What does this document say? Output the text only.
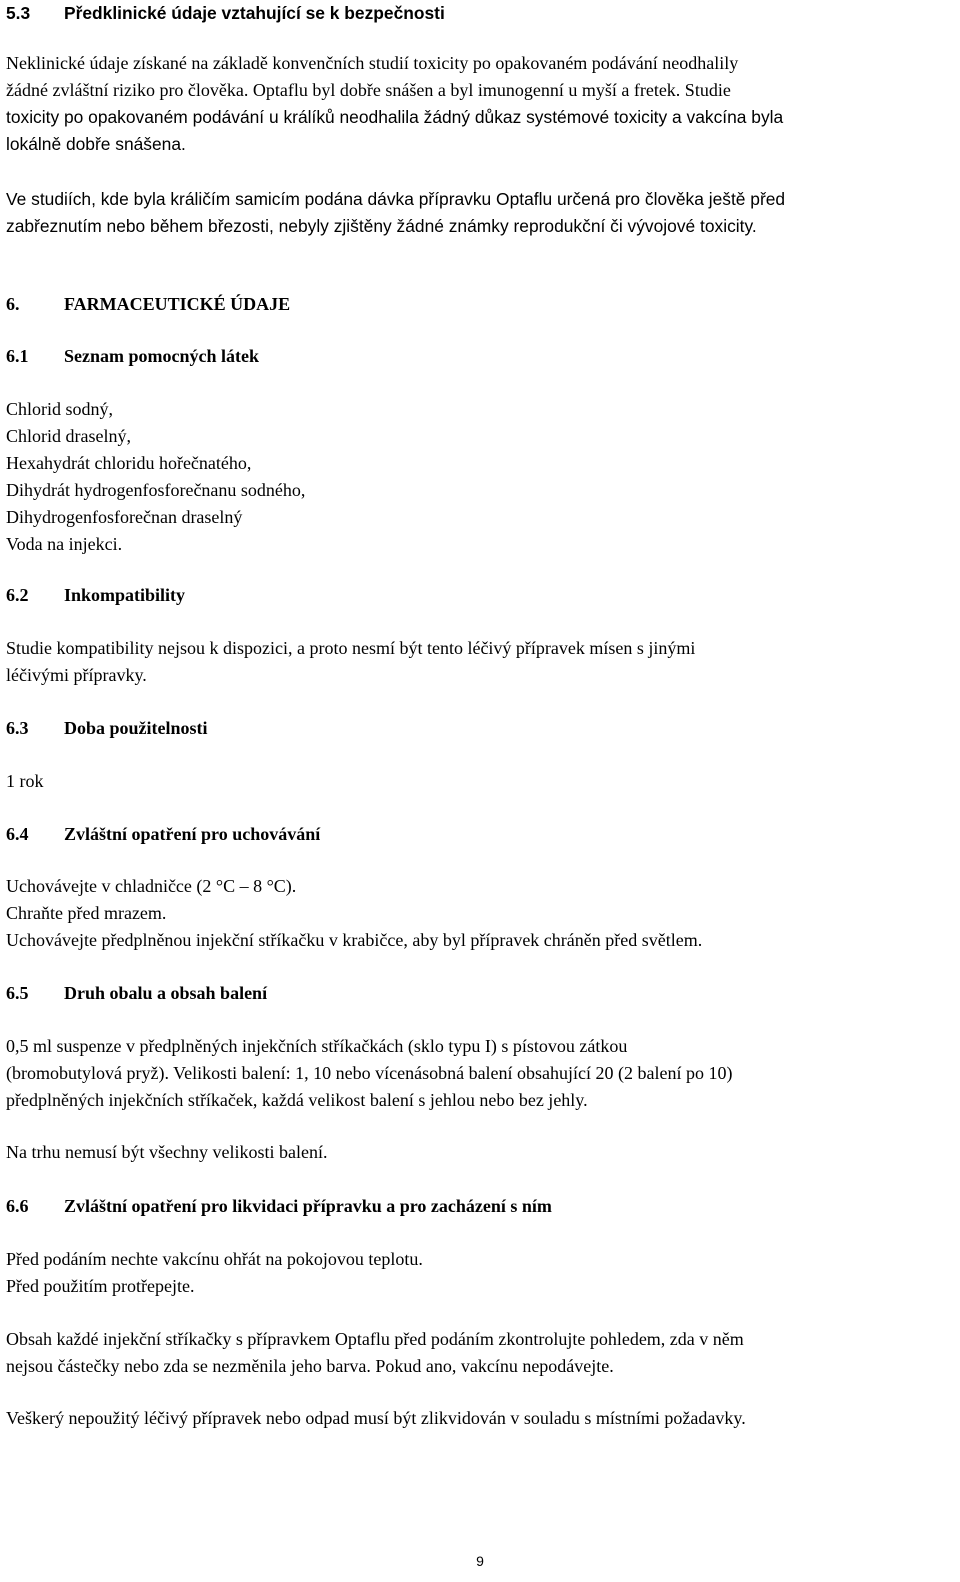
5.3	Předklinické údaje vztahující se k bezpečnosti
Neklinické údaje získané na základě konvenčních studií toxicity po opakovaném podávání neodhalily
žádné zvláštní riziko pro člověka. Optaflu byl dobře snášen a byl imunogenní u myší a fretek. Studie
toxicity po opakovaném podávání u králíků neodhalila žádný důkaz systémové toxicity a vakcína byla
lokálně dobře snášena.
Ve studiích, kde byla králičím samicím podána dávka přípravku Optaflu určená pro člověka ještě před
zabřeznutím nebo během březosti, nebyly zjištěny žádné známky reprodukční či vývojové toxicity.
6.	FARMACEUTICKÉ ÚDAJE
6.1	Seznam pomocných látek
Chlorid sodný,
Chlorid draselný,
Hexahydrát chloridu hořečnatého,
Dihydrát hydrogenfosforečnanu sodného,
Dihydrogenfosforečnan draselný
Voda na injekci.
6.2	Inkompatibility
Studie kompatibility nejsou k dispozici, a proto nesmí být tento léčivý přípravek mísen s jinými
léčivými přípravky.
6.3	Doba použitelnosti
1 rok
6.4	Zvláštní opatření pro uchovávání
Uchovávejte v chladničce (2 °C – 8 °C).
Chraňte před mrazem.
Uchovávejte předplněnou injekční stříkačku v krabičce, aby byl přípravek chráněn před světlem.
6.5	Druh obalu a obsah balení
0,5 ml suspenze v předplněných injekčních stříkačkách (sklo typu I) s pístovou zátkou
(bromobutylová pryž). Velikosti balení: 1, 10 nebo vícenásobná balení obsahující 20 (2 balení po 10)
předplněných injekčních stříkaček, každá velikost balení s jehlou nebo bez jehly.
Na trhu nemusí být všechny velikosti balení.
6.6	Zvláštní opatření pro likvidaci přípravku a pro zacházení s ním
Před podáním nechte vakcínu ohřát na pokojovou teplotu.
Před použitím protřepejte.
Obsah každé injekční stříkačky s přípravkem Optaflu před podáním zkontrolujte pohledem, zda v něm
nejsou částečky nebo zda se nezměnila jeho barva. Pokud ano, vakcínu nepodávejte.
Veškerý nepoužitý léčivý přípravek nebo odpad musí být zlikvidován v souladu s místními požadavky.
9
